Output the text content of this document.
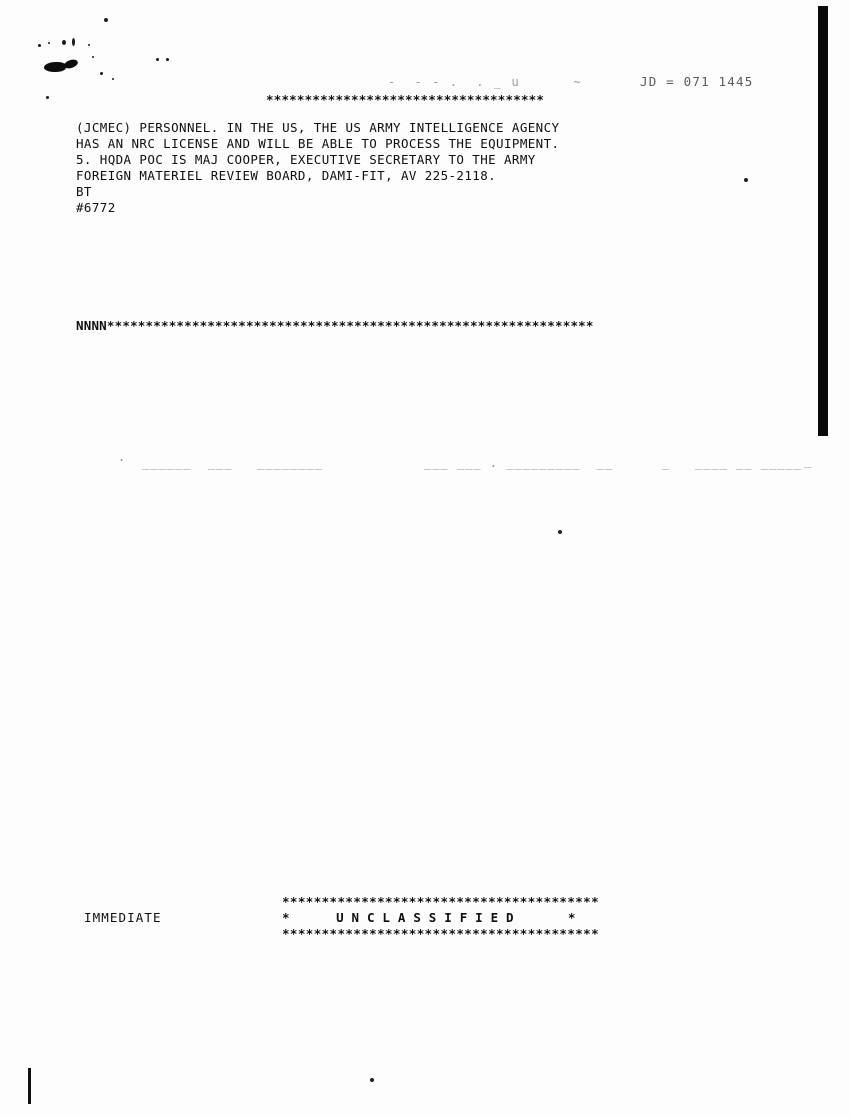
-  - - .  . _ u      ~	JD = 071 1445
************************************
(JCMEC) PERSONNEL. IN THE US, THE US ARMY INTELLIGENCE AGENCY
HAS AN NRC LICENSE AND WILL BE ABLE TO PROCESS THE EQUIPMENT.
5. HQDA POC IS MAJ COOPER, EXECUTIVE SECRETARY TO THE ARMY
FOREIGN MATERIEL REVIEW BOARD, DAMI-FIT, AV 225-2118.
BT
#6772
NNNN***************************************************************
______  ___   ________	___ ___ . _________  __	_   ____ __ _____ _
.
IMMEDIATE
****************************************
*      U N C L A S S I F I E D       *
****************************************
